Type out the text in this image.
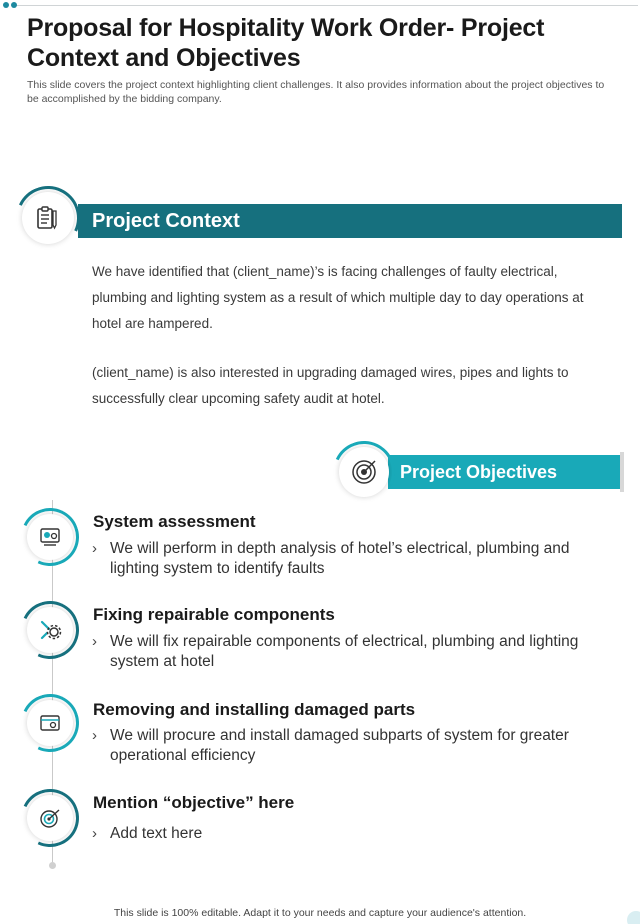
Proposal for Hospitality Work Order- Project Context and Objectives

This slide covers the project context highlighting client challenges. It also provides information about the project objectives to be accomplished by the bidding company.

Project Context

We have identified that (client_name)’s is facing challenges of faulty electrical, plumbing and lighting system as a result of which multiple day to day operations at hotel are hampered.

(client_name) is also interested in upgrading damaged wires, pipes and lights to successfully clear upcoming safety audit at hotel.

Project Objectives
System assessment
› We will perform in depth analysis of hotel’s electrical, plumbing and lighting system to identify faults

Fixing repairable components
› We will fix repairable components of electrical, plumbing and lighting system at hotel

Removing and installing damaged parts
› We will procure and install damaged subparts of system for greater operational efficiency

Mention “objective” here
› Add text here

This slide is 100% editable. Adapt it to your needs and capture your audience's attention.
